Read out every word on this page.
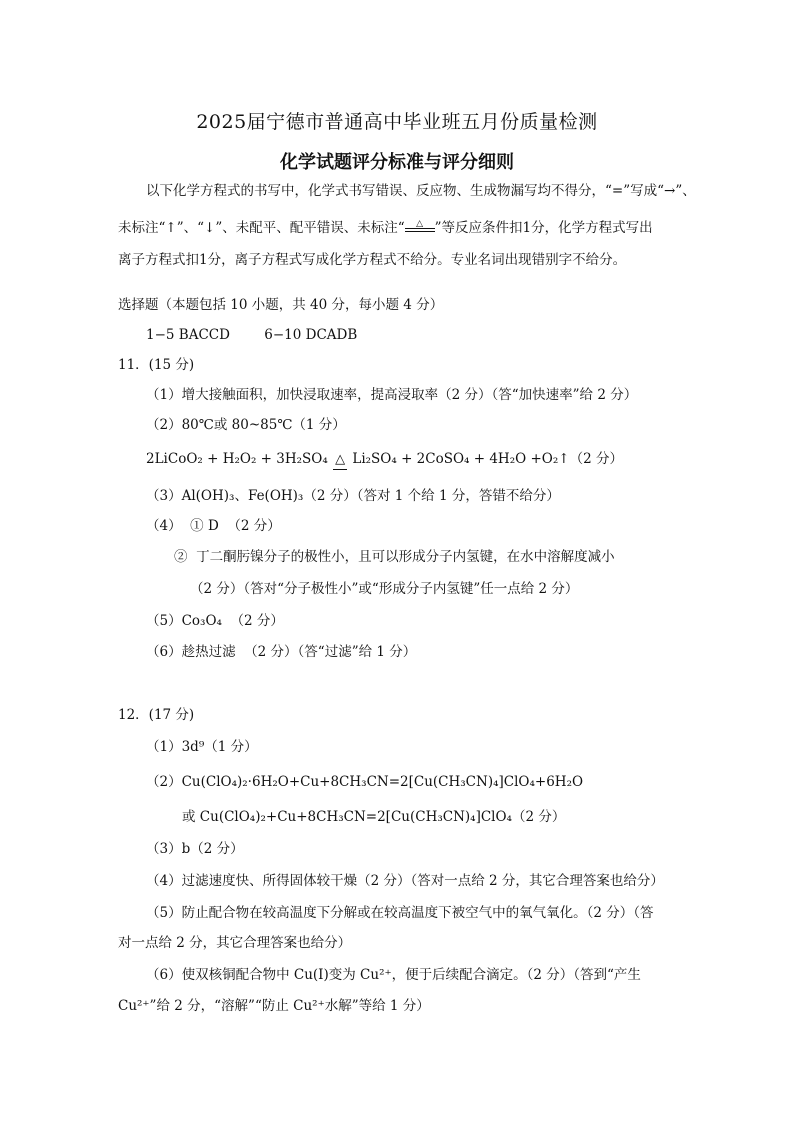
2025届宁德市普通高中毕业班五月份质量检测
化学试题评分标准与评分细则
以下化学方程式的书写中，化学式书写错误、反应物、生成物漏写均不得分，“=”写成“→”、
未标注“↑”、“↓”、未配平、配平错误、未标注“	△ ”等反应条件扣1分，化学方程式写出
离子方程式扣1分，离子方程式写成化学方程式不给分。专业名词出现错别字不给分。
选择题（本题包括 10 小题，共 40 分，每小题 4 分）
1−5 BACCD        6−10 DCADB
11．(15 分)
（1）增大接触面积，加快浸取速率，提高浸取率（2 分）（答“加快速率”给 2 分）
（2）80℃或 80~85℃（1 分）
2LiCoO₂ + H₂O₂ + 3H₂SO₄ △ Li₂SO₄ + 2CoSO₄ + 4H₂O +O₂↑（2 分）
（3）Al(OH)₃、Fe(OH)₃（2 分）（答对 1 个给 1 分，答错不给分）
（4）  ① D  （2 分）
②  丁二酮肟镍分子的极性小，且可以形成分子内氢键，在水中溶解度减小
（2 分）（答对“分子极性小”或“形成分子内氢键”任一点给 2 分）
（5）Co₃O₄  （2 分）
（6）趁热过滤  （2 分）（答“过滤”给 1 分）
12．(17 分)
（1）3d⁹（1 分）
（2）Cu(ClO₄)₂·6H₂O+Cu+8CH₃CN=2[Cu(CH₃CN)₄]ClO₄+6H₂O
或 Cu(ClO₄)₂+Cu+8CH₃CN=2[Cu(CH₃CN)₄]ClO₄（2 分）
（3）b（2 分）
（4）过滤速度快、所得固体较干燥（2 分）（答对一点给 2 分，其它合理答案也给分）
（5）防止配合物在较高温度下分解或在较高温度下被空气中的氧气氧化。（2 分）（答
对一点给 2 分，其它合理答案也给分）
（6）使双核铜配合物中 Cu(I)变为 Cu²⁺，便于后续配合滴定。（2 分）（答到“产生
Cu²⁺”给 2 分，“溶解”“防止 Cu²⁺水解”等给 1 分）
